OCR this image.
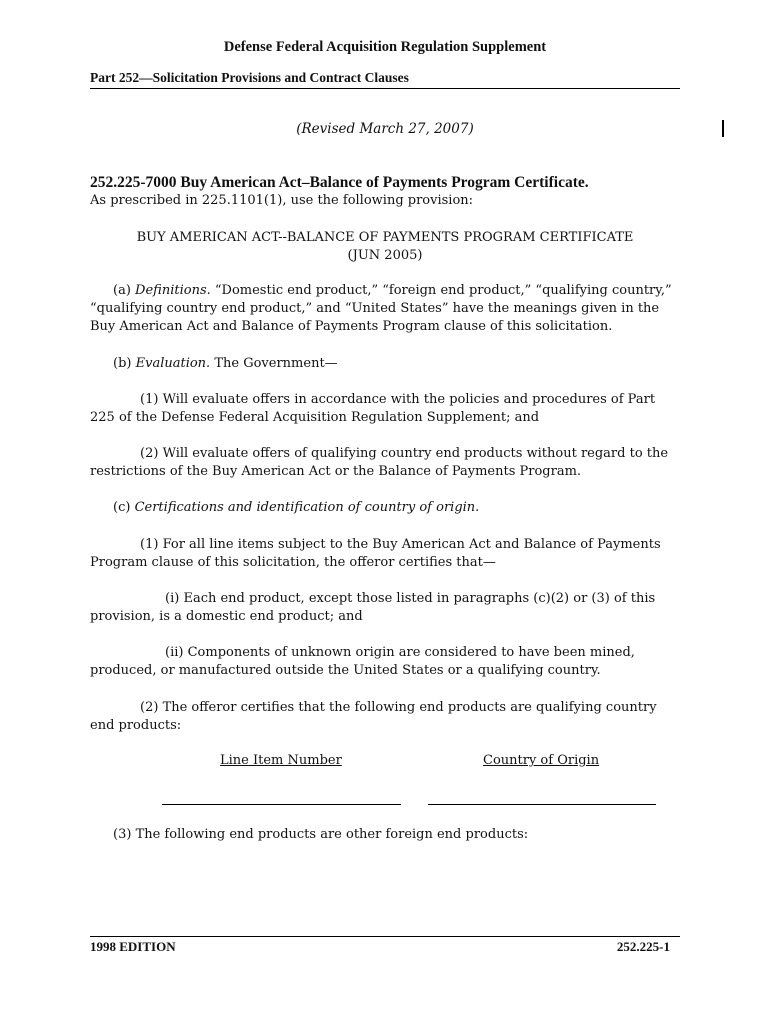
Defense Federal Acquisition Regulation Supplement
Part 252—Solicitation Provisions and Contract Clauses
(Revised March 27, 2007)
252.225-7000 Buy American Act–Balance of Payments Program Certificate.
As prescribed in 225.1101(1), use the following provision:
BUY AMERICAN ACT--BALANCE OF PAYMENTS PROGRAM CERTIFICATE
(JUN 2005)
(a) Definitions. “Domestic end product,” “foreign end product,” “qualifying country,” “qualifying country end product,” and “United States” have the meanings given in the Buy American Act and Balance of Payments Program clause of this solicitation.
(b) Evaluation. The Government—
(1) Will evaluate offers in accordance with the policies and procedures of Part 225 of the Defense Federal Acquisition Regulation Supplement; and
(2) Will evaluate offers of qualifying country end products without regard to the restrictions of the Buy American Act or the Balance of Payments Program.
(c) Certifications and identification of country of origin.
(1) For all line items subject to the Buy American Act and Balance of Payments Program clause of this solicitation, the offeror certifies that—
(i) Each end product, except those listed in paragraphs (c)(2) or (3) of this provision, is a domestic end product; and
(ii) Components of unknown origin are considered to have been mined, produced, or manufactured outside the United States or a qualifying country.
(2) The offeror certifies that the following end products are qualifying country end products:
Line Item Number	Country of Origin
(3) The following end products are other foreign end products:
1998 EDITION	252.225-1
